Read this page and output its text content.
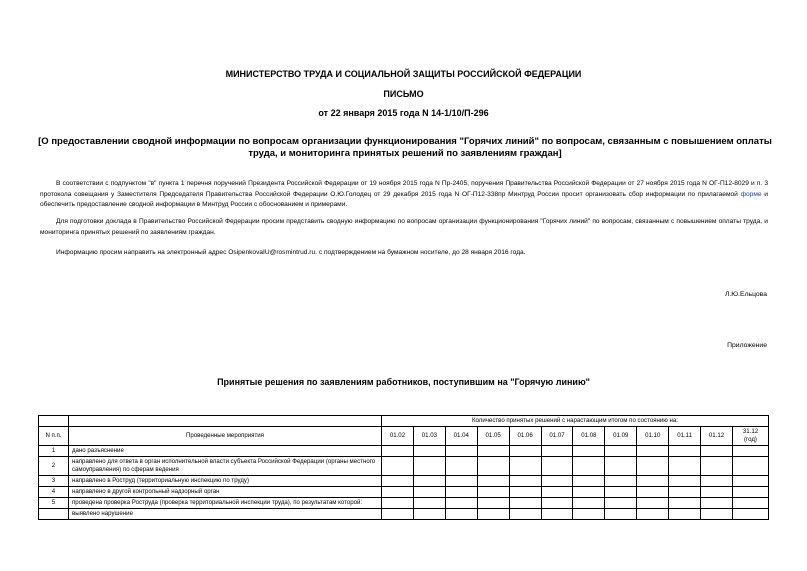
МИНИСТЕРСТВО ТРУДА И СОЦИАЛЬНОЙ ЗАЩИТЫ РОССИЙСКОЙ ФЕДЕРАЦИИ
ПИСЬМО
от 22 января 2015 года N 14-1/10/П-296
[О предоставлении сводной информации по вопросам организации функционирования "Горячих линий" по вопросам, связанным с повышением оплаты труда, и мониторинга принятых решений по заявлениям граждан]
В соответствии с подпунктом "в" пункта 1 перечня поручений Президента Российской Федерации от 19 ноября 2015 года N Пр-2405, поручения Правительства Российской Федерации от 27 ноября 2015 года N ОГ-П12-8029 и п. 3 протокола совещания у Заместителя Председателя Правительства Российской Федерации О.Ю.Голодец от 29 декабря 2015 года N ОГ-П12-338пр Минтруд России просит организовать сбор информации по прилагаемой форме и обеспечить предоставление сводной информации в Минтруд России с обоснованием и примерами.
Для подготовки доклада в Правительство Российской Федерации просим представить сводную информацию по вопросам организации функционирования "Горячих линий" по вопросам, связанным с повышением оплаты труда, и мониторинга принятых решений по заявлениям граждан.
Информацию просим направить на электронный адрес OsipenkovaIU@rosmintrud.ru. с подтверждением на бумажном носителе, до 28 января 2016 года.
Л.Ю.Ельцова
Приложение
Принятые решения по заявлениям работников, поступившим на "Горячую линию"
		Количество принятых решений с нарастающим итогом по состоянию на:											
N п.п.	Проведенные мероприятия	01.02	01.03	01.04	01.05	01.06	01.07	01.08	01.09	01.10	01.11	01.12	31.12 (год)
1	дано разъяснение												
2	направлено для ответа в орган исполнительной власти субъекта Российской Федерации (органы местного самоуправления) по сферам ведения												
3	направлено в Роструд (территориальную инспекцию по труду)												
4	направлено в другой контрольный надзорный орган												
5	проведена проверка Роструда (проверка территориальной инспекции труда), по результатам которой:												
	выявлено нарушение												
